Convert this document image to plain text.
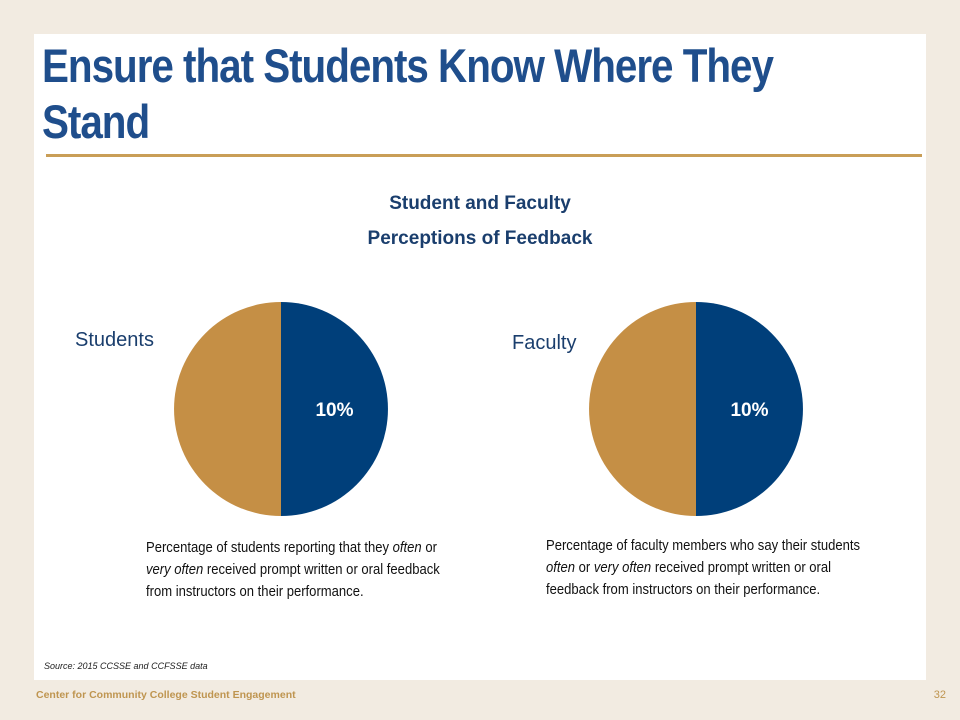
Ensure that Students Know Where They Stand
Student and Faculty
Perceptions of Feedback
Students	Faculty
10%	10%
Percentage of students reporting that they often or very often received prompt written or oral feedback from instructors on their performance.
Percentage of faculty members who say their students often or very often received prompt written or oral feedback from instructors on their performance.
Source: 2015 CCSSE and CCFSSE data
Center for Community College Student Engagement	32
